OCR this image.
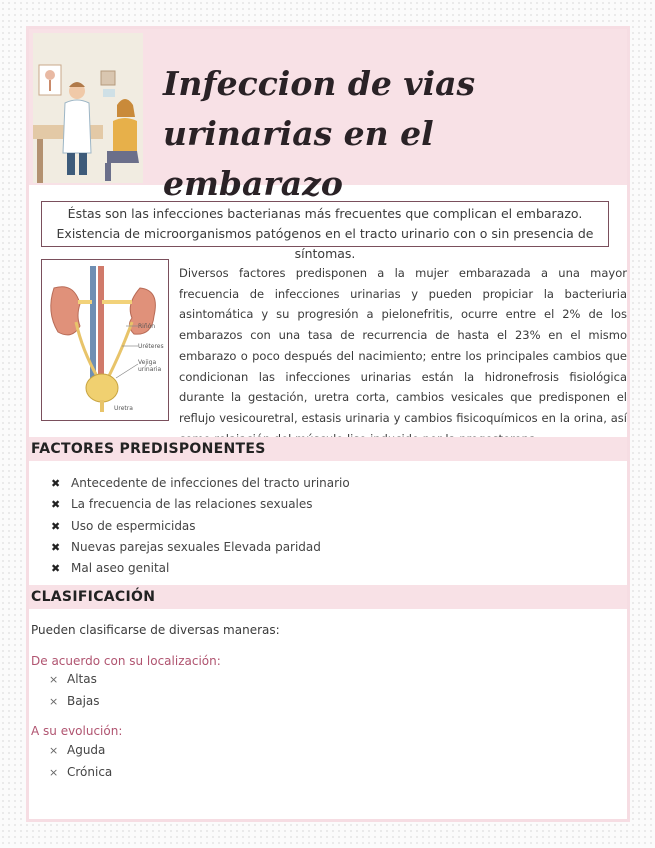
Infeccion de vias urinarias en el embarazo

Éstas son las infecciones bacterianas más frecuentes que complican el embarazo. Existencia de microorganismos patógenos en el tracto urinario con o sin presencia de síntomas.

Riñón
Uréteres
Vejiga
urinaria
Uretra

Diversos factores predisponen a la mujer embarazada a una mayor frecuencia de infecciones urinarias y pueden propiciar la bacteriuria asintomática y su progresión a pielonefritis, ocurre entre el 2% de los embarazos con una tasa de recurrencia de hasta el 23% en el mismo embarazo o poco después del nacimiento; entre los principales cambios que condicionan las infecciones urinarias están la hidronefrosis fisiológica durante la gestación, uretra corta, cambios vesicales que predisponen el reflujo vesicouretral, estasis urinaria y cambios fisicoquímicos en la orina, así

FACTORES PREDISPONENTES
✖ Antecedente de infecciones del tracto urinario
✖ La frecuencia de las relaciones sexuales
✖ Uso de espermicidas
✖ Nuevas parejas sexuales Elevada paridad
✖ Mal aseo genital
CLASIFICACIÓN

Pueden clasificarse de diversas maneras:

De acuerdo con su localización:

× Altas
× Bajas

A su evolución:

× Aguda
× Crónica
